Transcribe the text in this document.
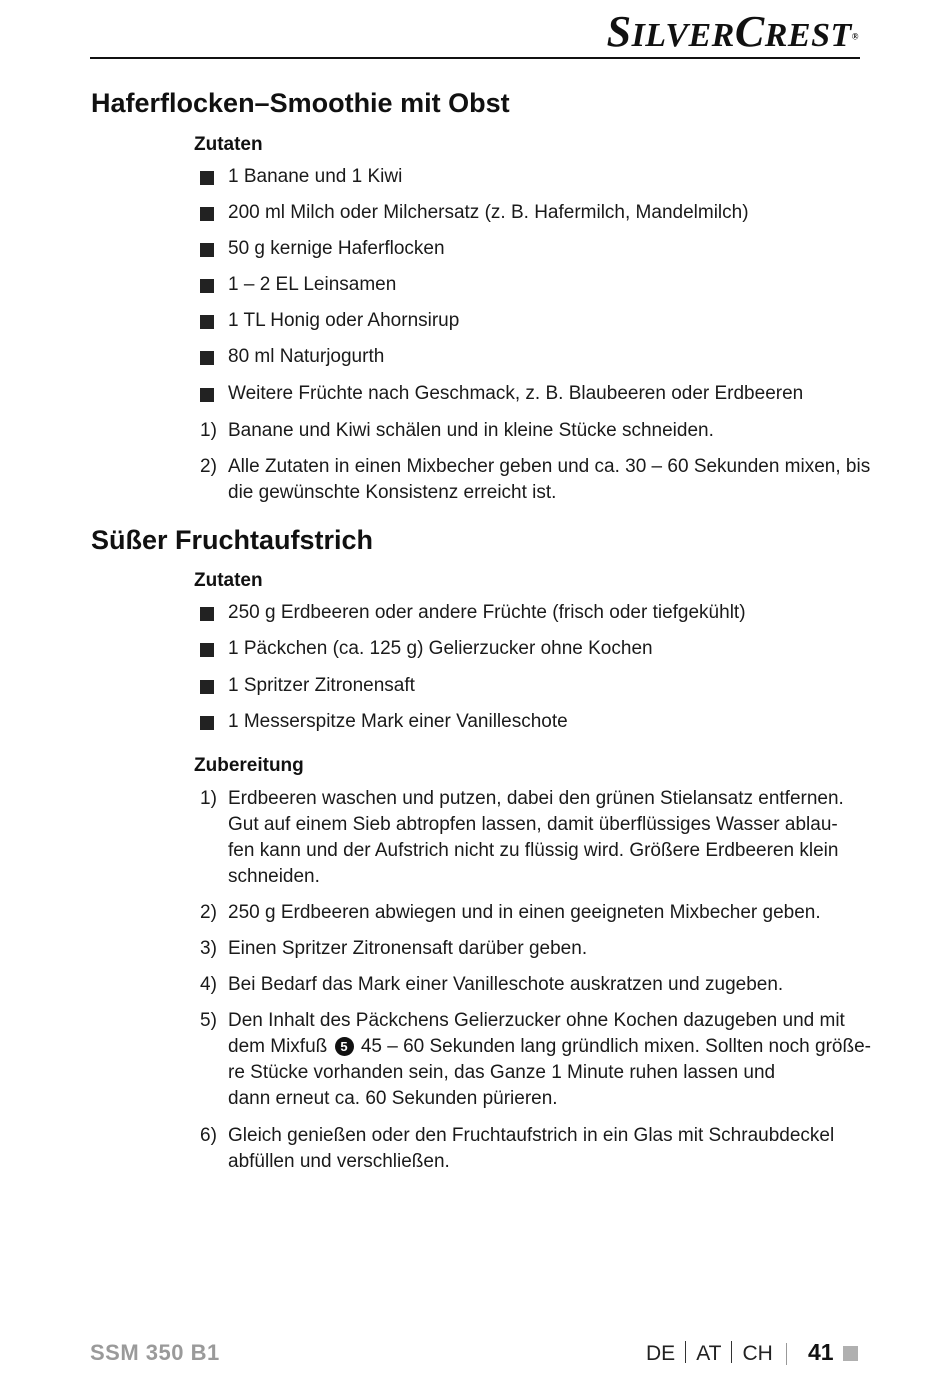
SILVERCREST®
Haferflocken–Smoothie mit Obst
Zutaten

1 Banane und 1 Kiwi

200 ml Milch oder Milchersatz (z. B. Hafermilch, Mandelmilch)

50 g kernige Haferflocken

1 – 2 EL Leinsamen

1 TL Honig oder Ahornsirup

80 ml Naturjogurth

Weitere Früchte nach Geschmack, z. B. Blaubeeren oder Erdbeeren

1) Banane und Kiwi schälen und in kleine Stücke schneiden.

2) Alle Zutaten in einen Mixbecher geben und ca. 30 – 60 Sekunden mixen, bis

die gewünschte Konsistenz erreicht ist.

Süßer Fruchtaufstrich
Zutaten

250 g Erdbeeren oder andere Früchte (frisch oder tiefgekühlt)

1 Päckchen (ca. 125 g) Gelierzucker ohne Kochen

1 Spritzer Zitronensaft

1 Messerspitze Mark einer Vanilleschote

Zubereitung
1) Erdbeeren waschen und putzen, dabei den grünen Stielansatz entfernen.

Gut auf einem Sieb abtropfen lassen, damit überflüssiges Wasser ablau-

fen kann und der Aufstrich nicht zu flüssig wird. Größere Erdbeeren klein

schneiden.

2) 250 g Erdbeeren abwiegen und in einen geeigneten Mixbecher geben.

3) Einen Spritzer Zitronensaft darüber geben.

4) Bei Bedarf das Mark einer Vanilleschote auskratzen und zugeben.

5) Den Inhalt des Päckchens Gelierzucker ohne Kochen dazugeben und mit

dem Mixfuß 5 45 – 60 Sekunden lang gründlich mixen. Sollten noch größe-

re Stücke vorhanden sein, das Ganze 1 Minute ruhen lassen und

dann erneut ca. 60 Sekunden pürieren.

6) Gleich genießen oder den Fruchtaufstrich in ein Glas mit Schraubdeckel

abfüllen und verschließen.

SSM 350 B1	DE AT CH 41
